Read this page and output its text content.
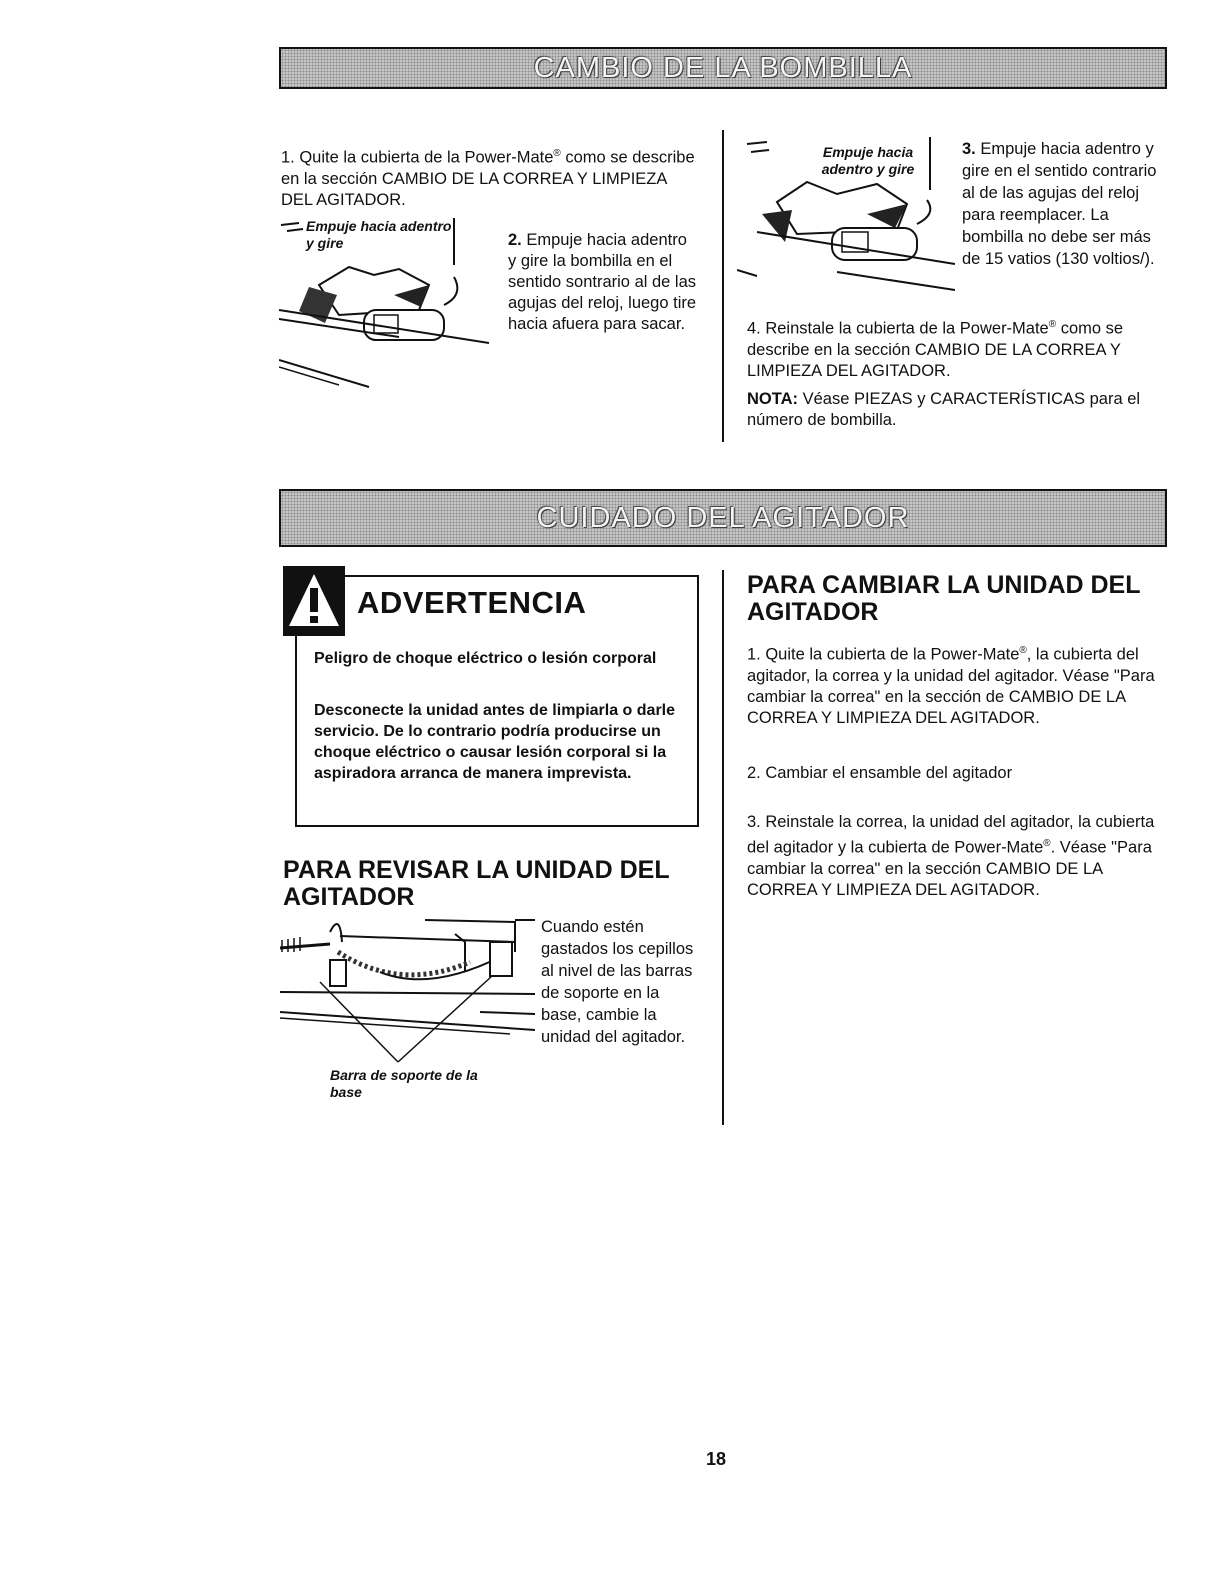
CAMBIO DE LA BOMBILLA
1. Quite la cubierta de la Power-Mate® como se describe en la sección CAMBIO DE LA CORREA Y LIMPIEZA DEL AGITADOR.
Empuje hacia adentro y gire	2. Empuje hacia adentro y gire la bombilla en el sentido sontrario al de las agujas del reloj, luego tire hacia afuera para sacar.
Empuje hacia adentro y gire
3. Empuje hacia adentro y gire en el sentido contrario al de las agujas del reloj para reemplacer. La bombilla no debe ser más de 15 vatios (130 voltios/).
4. Reinstale la cubierta de la Power-Mate® como se describe en la sección CAMBIO DE LA CORREA Y LIMPIEZA DEL AGITADOR.
NOTA: Véase PIEZAS y CARACTERÍSTICAS para el número de bombilla.
CUIDADO DEL AGITADOR
ADVERTENCIA
Peligro de choque eléctrico o lesión corporal
Desconecte la unidad antes de limpiarla o darle servicio. De lo contrario podría producirse un choque eléctrico o causar lesión corporal si la aspiradora arranca de manera imprevista.
PARA REVISAR LA UNIDAD DEL AGITADOR
Barra de soporte de la base
Cuando estén gastados los cepillos al nivel de las barras de soporte en la base, cambie la unidad del agitador.
PARA CAMBIAR LA UNIDAD DEL AGITADOR
1. Quite la cubierta de la Power-Mate®, la cubierta del agitador, la correa y la unidad del agitador. Véase "Para cambiar la correa" en la sección de CAMBIO DE LA CORREA Y LIMPIEZA DEL AGITADOR.
2. Cambiar el ensamble del agitador
3. Reinstale la correa, la unidad del agitador, la cubierta del agitador y la cubierta de Power-Mate®. Véase "Para cambiar la correa" en la sección CAMBIO DE LA CORREA Y LIMPIEZA DEL AGITADOR.
18
